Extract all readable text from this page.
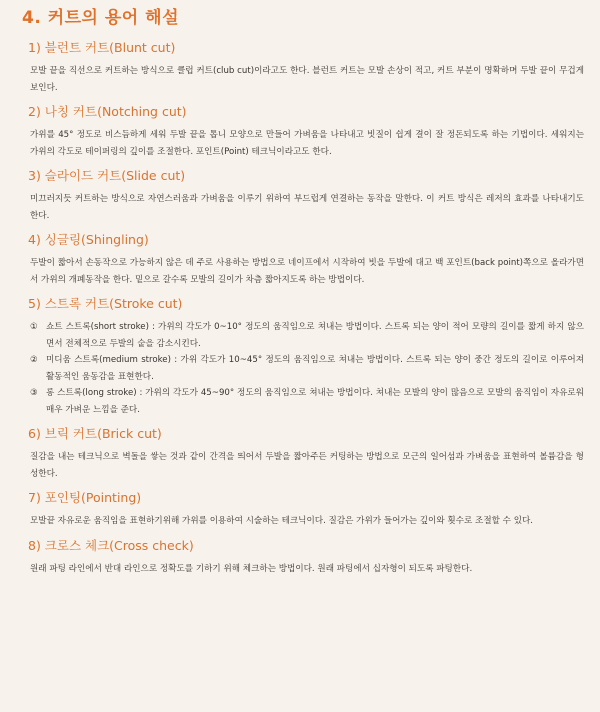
4. 커트의 용어 해설
1) 블런트 커트(Blunt cut)

모발 끝을 직선으로 커트하는 방식으로 클럽 커트(club cut)이라고도 한다. 블런트 커트는 모발 손상이 적고, 커트 부분이 명확하며 두발 끝이 무겁게 보인다.

2) 나칭 커트(Notching cut)

가위를 45° 정도로 비스듬하게 세워 두발 끝을 톱니 모양으로 만들어 가벼움을 나타내고 빗질이 쉽게 결이 잘 정돈되도록 하는 기법이다. 세워지는 가위의 각도로 테이퍼링의 깊이를 조절한다. 포인트(Point) 테크닉이라고도 한다.

3) 슬라이드 커트(Slide cut)

미끄러지듯 커트하는 방식으로 자연스러움과 가벼움을 이루기 위하여 부드럽게 연결하는 동작을 말한다. 이 커트 방식은 레저의 효과를 나타내기도 한다.

4) 싱글링(Shingling)

두발이 짧아서 손동작으로 가능하지 않은 데 주로 사용하는 방법으로 네이프에서 시작하여 빗을 두발에 대고 백 포인트(back point)쪽으로 올라가면서 가위의 개폐동작을 한다. 밑으로 갈수록 모발의 길이가 차츰 짧아지도록 하는 방법이다.

5) 스트록 커트(Stroke cut)
① 쇼트 스트록(short stroke) : 가위의 각도가 0~10° 정도의 움직임으로 쳐내는 방법이다. 스트록 되는 양이 적어 모량의 길이를 짧게 하지 않으면서 전체적으로 두발의 숱을 감소시킨다.
② 미디움 스트록(medium stroke) : 가위 각도가 10~45° 정도의 움직임으로 쳐내는 방법이다. 스트록 되는 양이 중간 정도의 길이로 이루어져 활동적인 움동감을 표현한다.
③ 롱 스트록(long stroke) : 가위의 각도가 45~90° 정도의 움직임으로 쳐내는 방법이다. 쳐내는 모발의 양이 많음으로 모발의 움직임이 자유로워 매우 가벼운 느낌을 준다.
6) 브릭 커트(Brick cut)

질감을 내는 테크닉으로 벽돌을 쌓는 것과 같이 간격을 띄어서 두발을 짧아주든 커팅하는 방법으로 모근의 일어섬과 가벼움을 표현하여 볼륨감을 형성한다.

7) 포인팅(Pointing)

모발끝 자유로운 움직임을 표현하기위해 가위를 이용하여 시술하는 테크닉이다. 질감은 가위가 들어가는 깊이와 횟수로 조절할 수 있다.

8) 크로스 체크(Cross check)

원래 파팅 라인에서 반대 라인으로 정확도를 기하기 위해 체크하는 방법이다. 원래 파팅에서 십자형이 되도록 파팅한다.
